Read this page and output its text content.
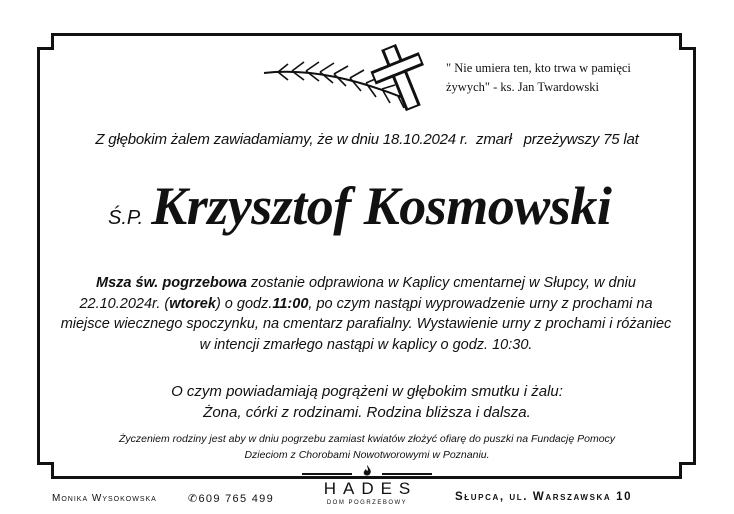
" Nie umiera ten, kto trwa w pamięci
żywych" - ks. Jan Twardowski
Z głębokim żalem zawiadamiamy, że w dniu 18.10.2024 r.  zmarł   przeżywszy 75 lat
Ś.P. Krzysztof Kosmowski
Msza św. pogrzebowa zostanie odprawiona w Kaplicy cmentarnej w Słupcy, w dniu 22.10.2024r. (wtorek) o godz.11:00, po czym nastąpi wyprowadzenie urny z prochami na miejsce wiecznego spoczynku, na cmentarz parafialny. Wystawienie urny z prochami i różaniec w intencji zmarłego nastąpi w kaplicy o godz. 10:30.
O czym powiadamiają pogrążeni w głębokim smutku i żalu:
Żona, córki z rodzinami. Rodzina bliższa i dalsza.
Życzeniem rodziny jest aby w dniu pogrzebu zamiast kwiatów złożyć ofiarę do puszki na Fundację Pomocy
Dzieciom z Chorobami Nowotworowymi w Poznaniu.
Monika Wysokowska	✆609 765 499
HADES
DOM POGRZEBOWY	Słupca, ul. Warszawska 10
